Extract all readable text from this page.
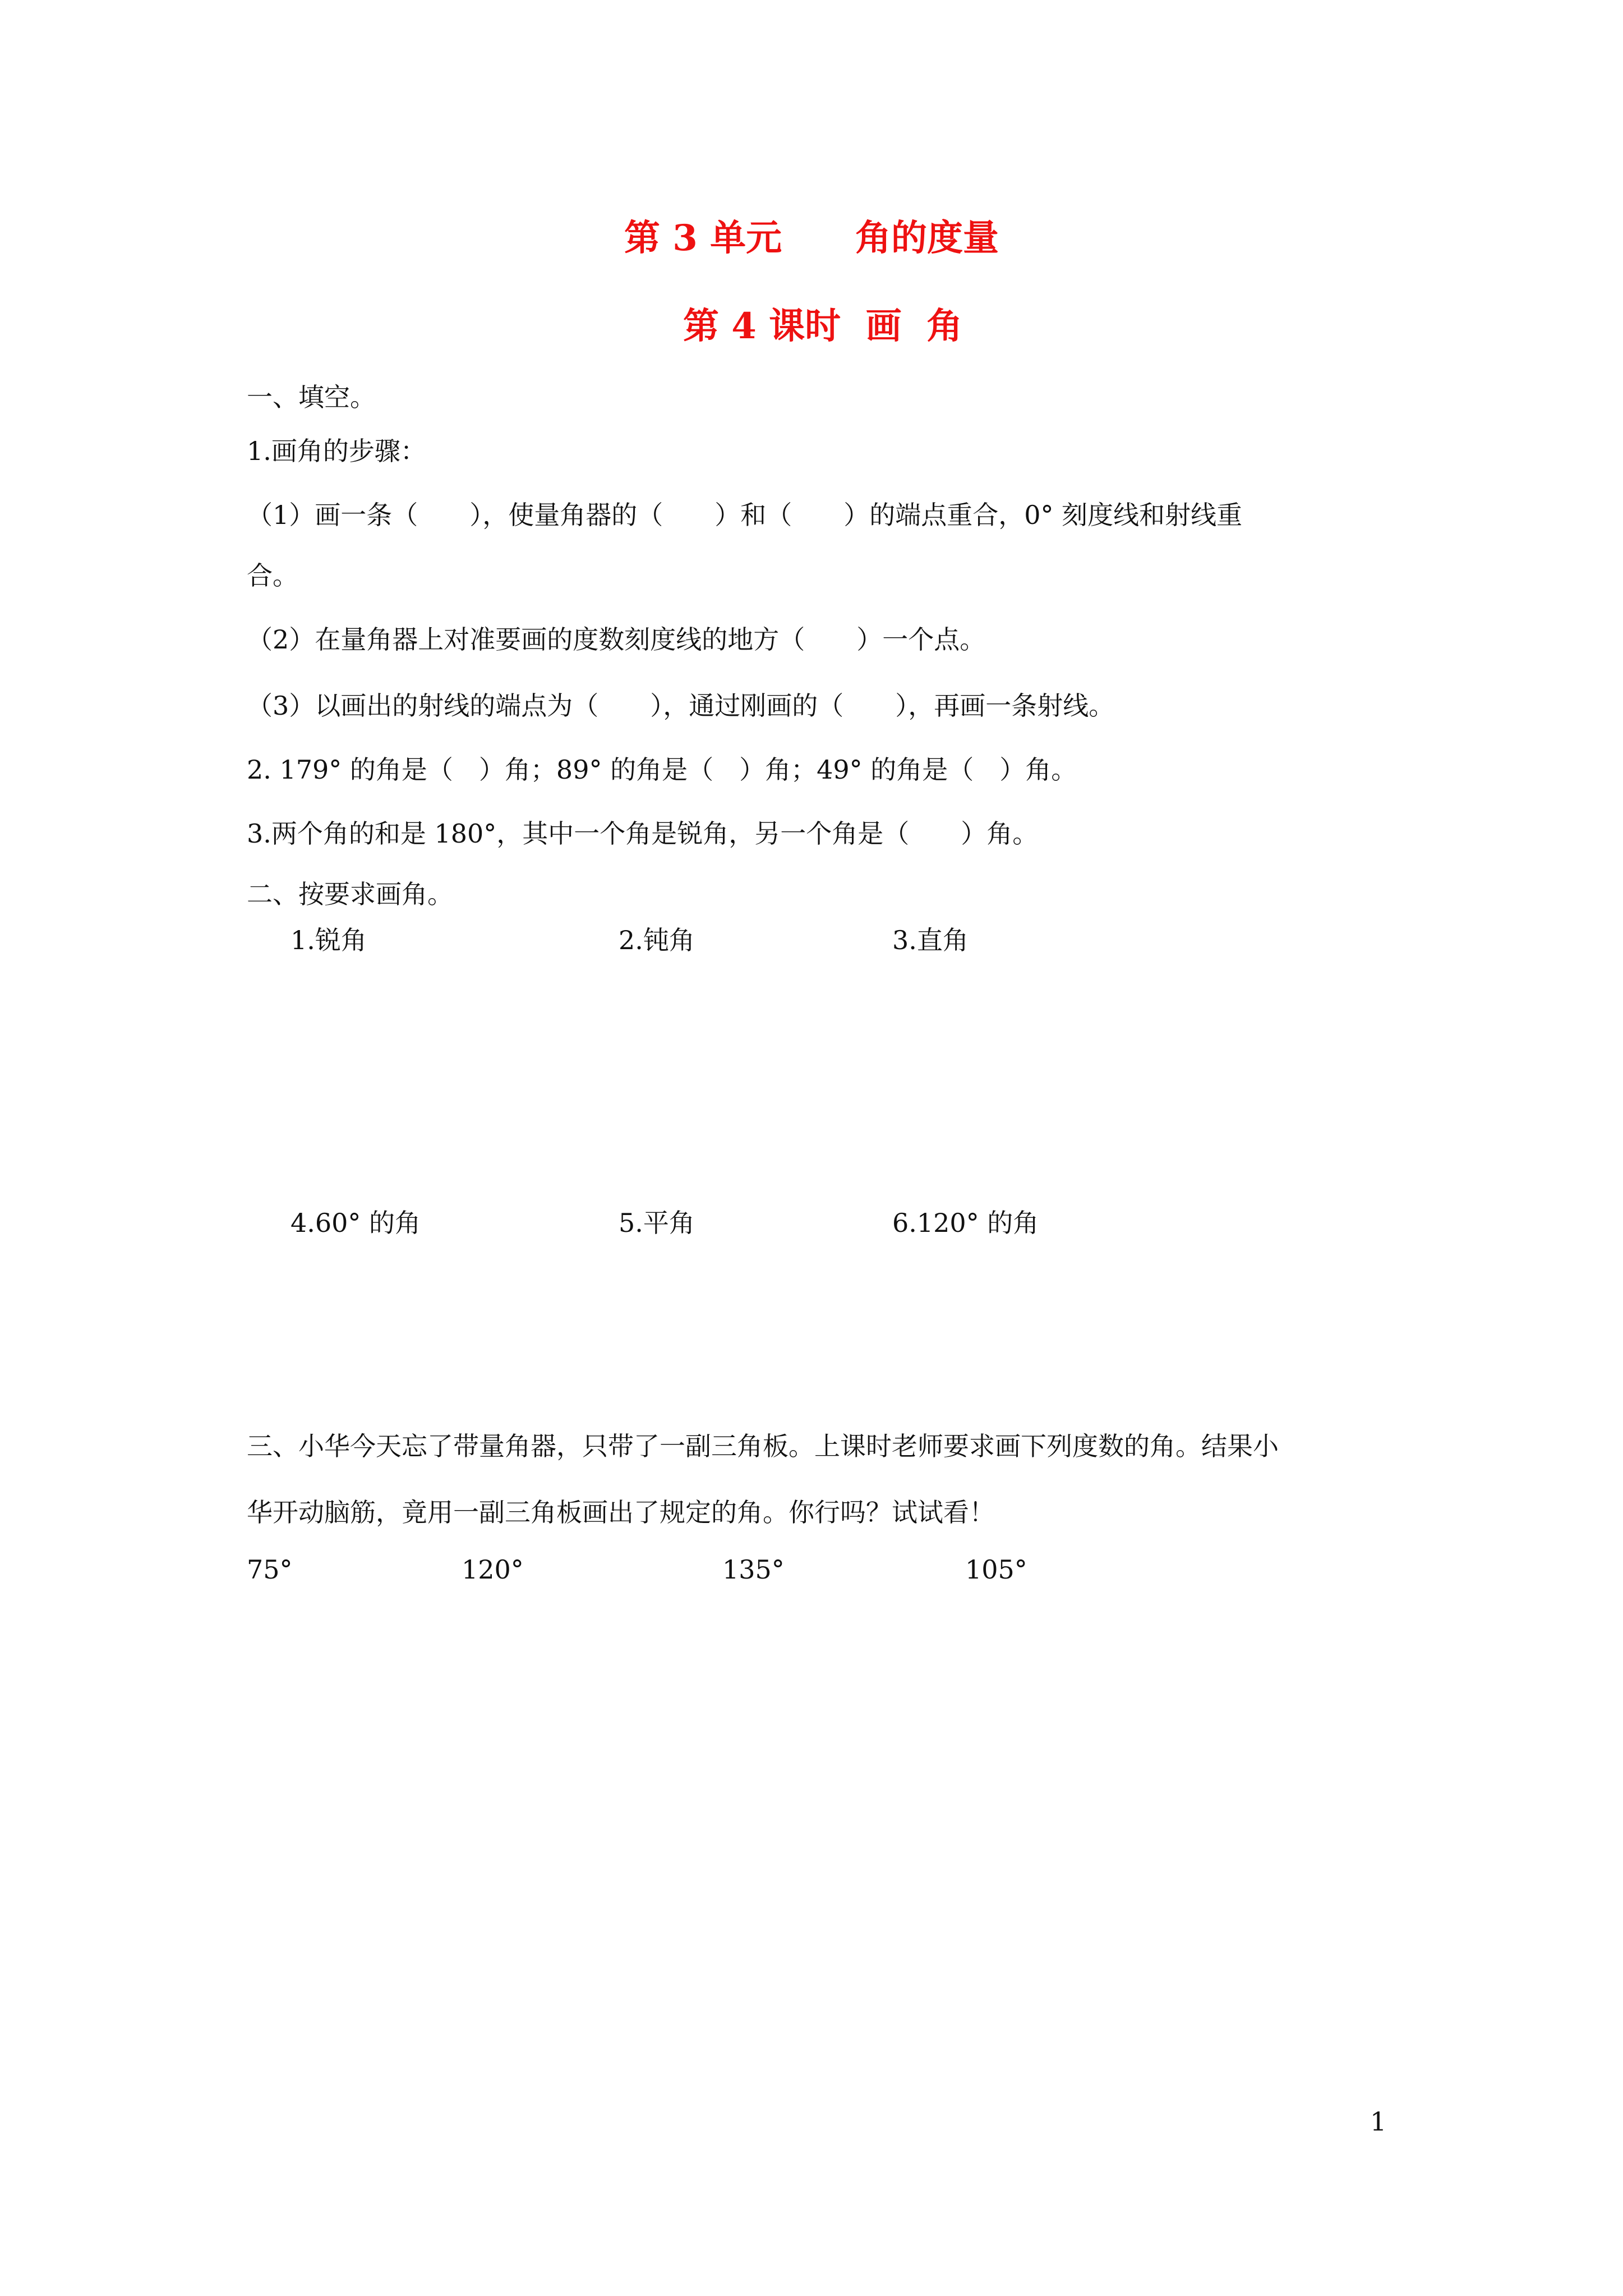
第 3 单元 角的度量
第 4 课时  画  角
一、填空。
1.画角的步骤：
（1）画一条（　　），使量角器的（　　）和（　　）的端点重合，0° 刻度线和射线重
合。
（2）在量角器上对准要画的度数刻度线的地方（　　）一个点。
（3）以画出的射线的端点为（　　），通过刚画的（　　），再画一条射线。
2. 179° 的角是（　）角；89° 的角是（　）角；49° 的角是（　）角。
3.两个角的和是 180°，其中一个角是锐角，另一个角是（　　）角。
二、按要求画角。
1.锐角	2.钝角	3.直角
4.60° 的角	5.平角	6.120° 的角
三、小华今天忘了带量角器，只带了一副三角板。上课时老师要求画下列度数的角。结果小
华开动脑筋，竟用一副三角板画出了规定的角。你行吗？试试看！
75°	120°	135°	105°
1
